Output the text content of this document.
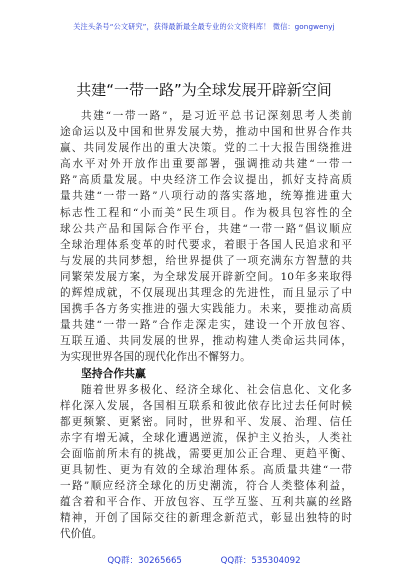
关注头条号“公文研究”，获得最新最全最专业的公文资料库！ 微信：gongwenyj
共建“一带一路”为全球发展开辟新空间
共建“一带一路”，是习近平总书记深刻思考人类前
途命运以及中国和世界发展大势，推动中国和世界合作共
赢、共同发展作出的重大决策。党的二十大报告围绕推进
高水平对外开放作出重要部署，强调推动共建“一带一
路”高质量发展。中央经济工作会议提出，抓好支持高质
量共建“一带一路”八项行动的落实落地，统筹推进重大
标志性工程和“小而美”民生项目。作为极具包容性的全
球公共产品和国际合作平台，共建“一带一路”倡议顺应
全球治理体系变革的时代要求，着眼于各国人民追求和平
与发展的共同梦想，给世界提供了一项充满东方智慧的共
同繁荣发展方案，为全球发展开辟新空间。10年多来取得
的辉煌成就，不仅展现出其理念的先进性，而且显示了中
国携手各方务实推进的强大实践能力。未来，要推动高质
量共建“一带一路”合作走深走实，建设一个开放包容、
互联互通、共同发展的世界，推动构建人类命运共同体，
为实现世界各国的现代化作出不懈努力。
坚持合作共赢
随着世界多极化、经济全球化、社会信息化、文化多
样化深入发展，各国相互联系和彼此依存比过去任何时候
都更频繁、更紧密。同时，世界和平、发展、治理、信任
赤字有增无减，全球化遭遇逆流，保护主义抬头，人类社
会面临前所未有的挑战，需要更加公正合理、更趋平衡、
更具韧性、更为有效的全球治理体系。高质量共建“一带
一路”顺应经济全球化的历史潮流，符合人类整体利益，
蕴含着和平合作、开放包容、互学互鉴、互利共赢的丝路
精神，开创了国际交往的新理念新范式，彰显出独特的时
代价值。
QQ群：30265665	QQ群：535304092
